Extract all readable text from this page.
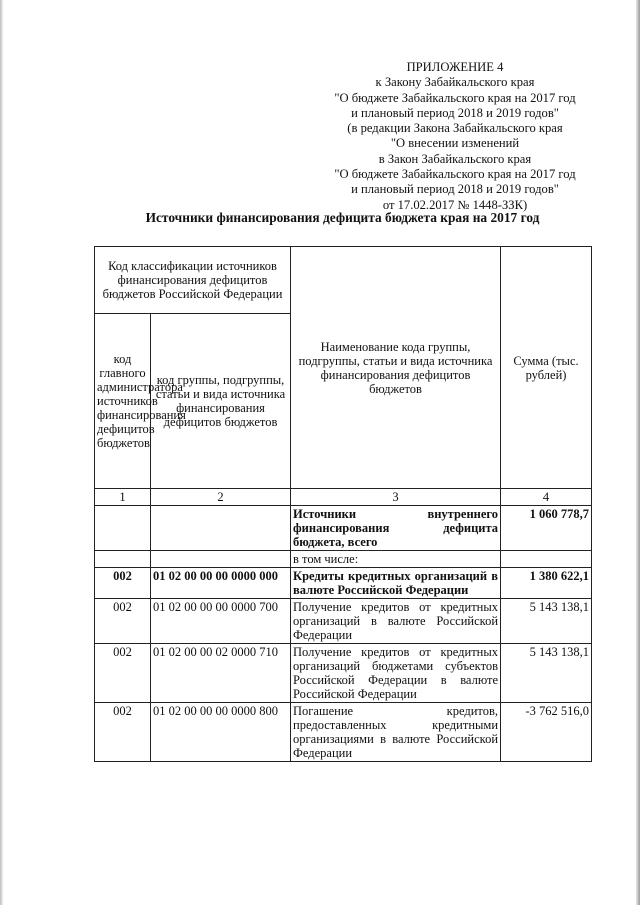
ПРИЛОЖЕНИЕ 4
к Закону Забайкальского края
"О бюджете Забайкальского края на 2017 год
и плановый период 2018 и 2019 годов"
(в редакции Закона Забайкальского края
"О внесении изменений
в Закон Забайкальского края
"О бюджете Забайкальского края на 2017 год
и плановый период 2018 и 2019 годов"
от 17.02.2017 № 1448-ЗЗК)
Источники финансирования дефицита бюджета края на 2017 год
Код классификации источников финансирования дефицитов бюджетов Российской Федерации		Наименование кода группы, подгруппы, статьи и вида источника финансирования дефицитов бюджетов	Сумма (тыс. рублей)
код главного администратора источников финансирования дефицитов бюджетов	код группы, подгруппы, статьи и вида источника финансирования дефицитов бюджетов		
1	2	3	4
		Источники внутреннего финансирования дефицита бюджета, всего	1 060 778,7
		в том числе:	
002	01 02 00 00 00 0000 000	Кредиты кредитных организаций в валюте Российской Федерации	1 380 622,1
002	01 02 00 00 00 0000 700	Получение кредитов от кредитных организаций в валюте Российской Федерации	5 143 138,1
002	01 02 00 00 02 0000 710	Получение кредитов от кредитных организаций бюджетами субъектов Российской Федерации в валюте Российской Федерации	5 143 138,1
002	01 02 00 00 00 0000 800	Погашение кредитов, предоставленных кредитными организациями в валюте Российской Федерации	-3 762 516,0
